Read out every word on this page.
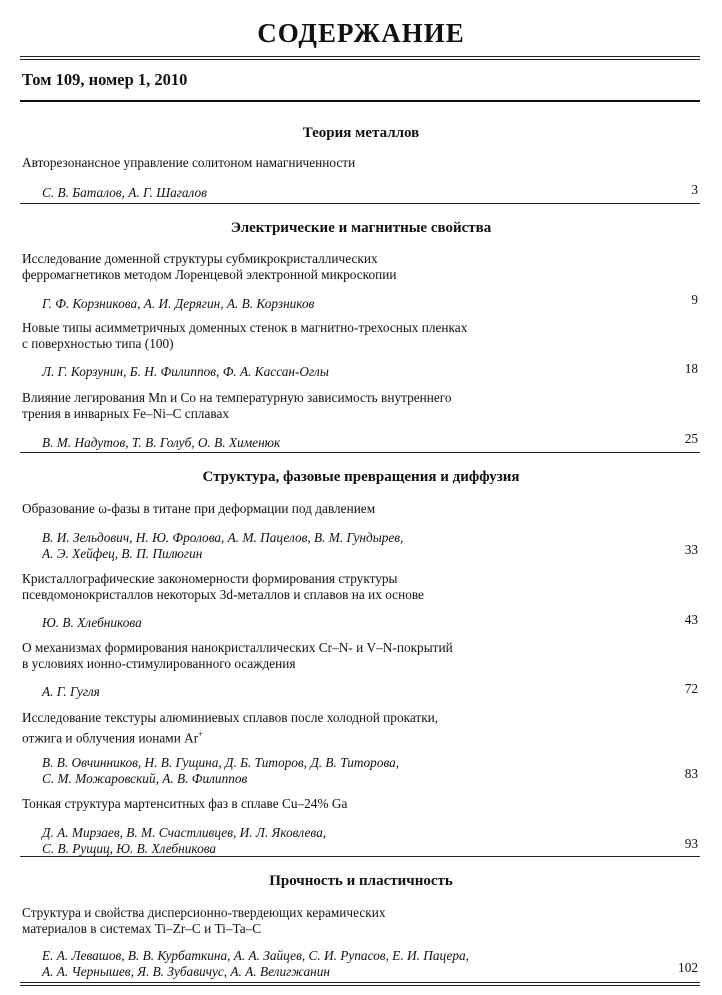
СОДЕРЖАНИЕ
Том 109, номер 1, 2010
Теория металлов
Авторезонансное управление солитоном намагниченности
С. В. Баталов, А. Г. Шагалов	3
Электрические и магнитные свойства
Исследование доменной структуры субмикрокристаллических
ферромагнетиков методом Лоренцевой электронной микроскопии
Г. Ф. Корзникова, А. И. Дерягин, А. В. Корзников	9
Новые типы асимметричных доменных стенок в магнитно-трехосных пленках
с поверхностью типа (100)
Л. Г. Корзунин, Б. Н. Филиппов, Ф. А. Кассан-Оглы	18
Влияние легирования Mn и Co на температурную зависимость внутреннего
трения в инварных Fe–Ni–C сплавах
В. М. Надутов, Т. В. Голуб, О. В. Хименюк	25
Структура, фазовые превращения и диффузия
Образование ω-фазы в титане при деформации под давлением
В. И. Зельдович, Н. Ю. Фролова, А. М. Пацелов, В. М. Гундырев,
А. Э. Хейфец, В. П. Пилюгин	33
Кристаллографические закономерности формирования структуры
псевдомонокристаллов некоторых 3d-металлов и сплавов на их основе
Ю. В. Хлебникова	43
О механизмах формирования нанокристаллических Cr–N- и V–N-покрытий
в условиях ионно-стимулированного осаждения
А. Г. Гугля	72
Исследование текстуры алюминиевых сплавов после холодной прокатки,
отжига и облучения ионами Ar+
В. В. Овчинников, Н. В. Гущина, Д. Б. Титоров, Д. В. Титорова,
С. М. Можаровский, А. В. Филиппов	83
Тонкая структура мартенситных фаз в сплаве Cu–24% Ga
Д. А. Мирзаев, В. М. Счастливцев, И. Л. Яковлева,
С. В. Рущиц, Ю. В. Хлебникова	93
Прочность и пластичность
Структура и свойства дисперсионно-твердеющих керамических
материалов в системах Ti–Zr–C и Ti–Ta–C
Е. А. Левашов, В. В. Курбаткина, А. А. Зайцев, С. И. Рупасов, Е. И. Пацера,
А. А. Чернышев, Я. В. Зубавичус, А. А. Велигжанин	102
